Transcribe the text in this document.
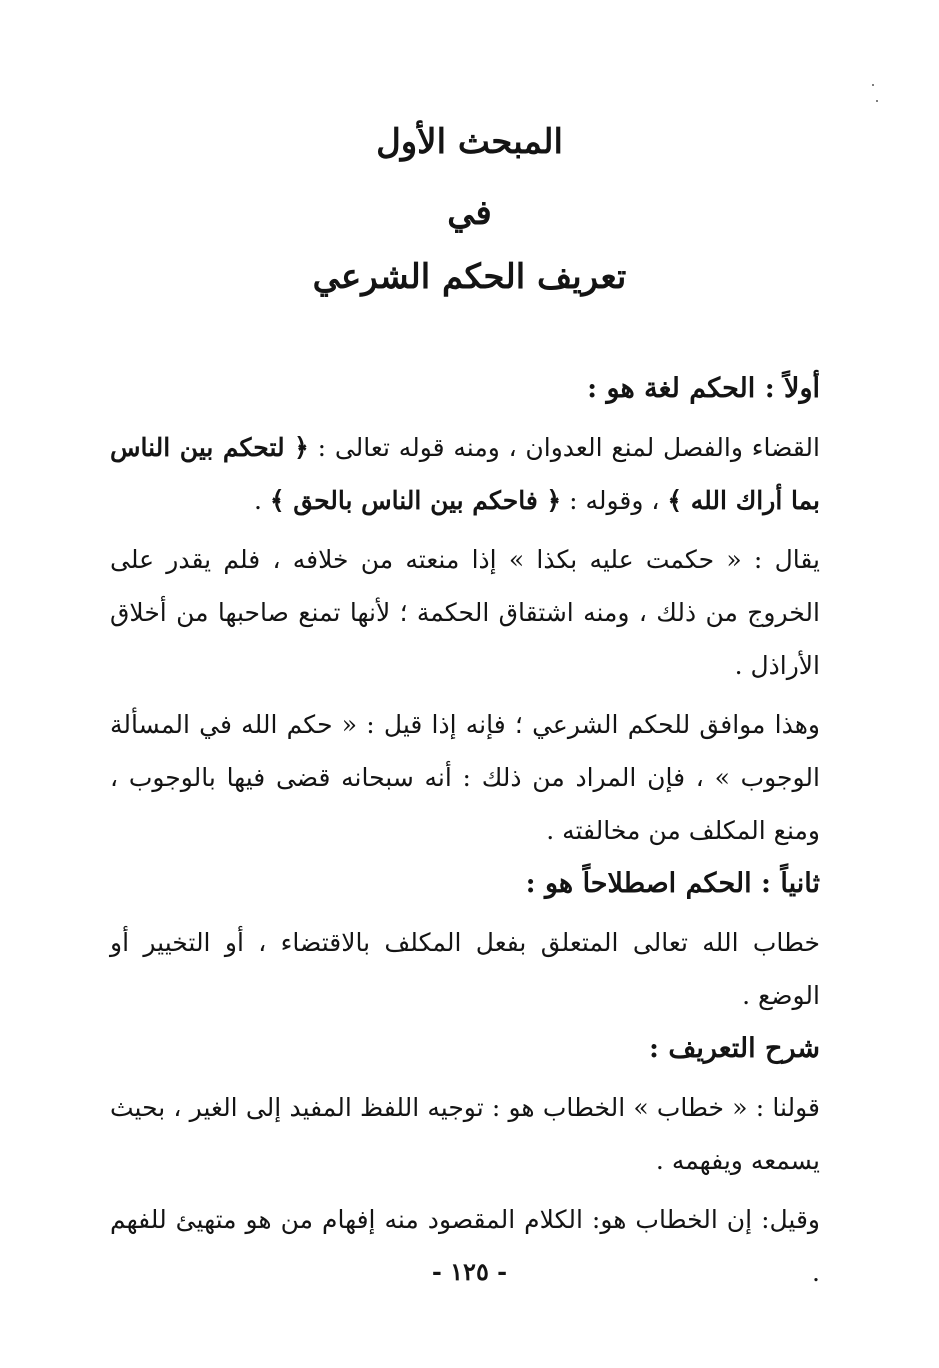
المبحث الأول
في
تعريف الحكم الشرعي

أولاً : الحكم لغة هو :

القضاء والفصل لمنع العدوان ، ومنه قوله تعالى : ﴿ لتحكم بين الناس بما أراك الله ﴾ ، وقوله : ﴿ فاحكم بين الناس بالحق ﴾ .

يقال : « حكمت عليه بكذا » إذا منعته من خلافه ، فلم يقدر على الخروج من ذلك ، ومنه اشتقاق الحكمة ؛ لأنها تمنع صاحبها من أخلاق الأراذل .

وهذا موافق للحكم الشرعي ؛ فإنه إذا قيل : « حكم الله في المسألة الوجوب » ، فإن المراد من ذلك : أنه سبحانه قضى فيها بالوجوب ، ومنع المكلف من مخالفته .

ثانياً : الحكم اصطلاحاً هو :

خطاب الله تعالى المتعلق بفعل المكلف بالاقتضاء ، أو التخيير أو الوضع .

شرح التعريف :

قولنا : « خطاب » الخطاب هو : توجيه اللفظ المفيد إلى الغير ، بحيث يسمعه ويفهمه .

وقيل: إن الخطاب هو: الكلام المقصود منه إفهام من هو متهيئ للفهم .

- ١٢٥ -
